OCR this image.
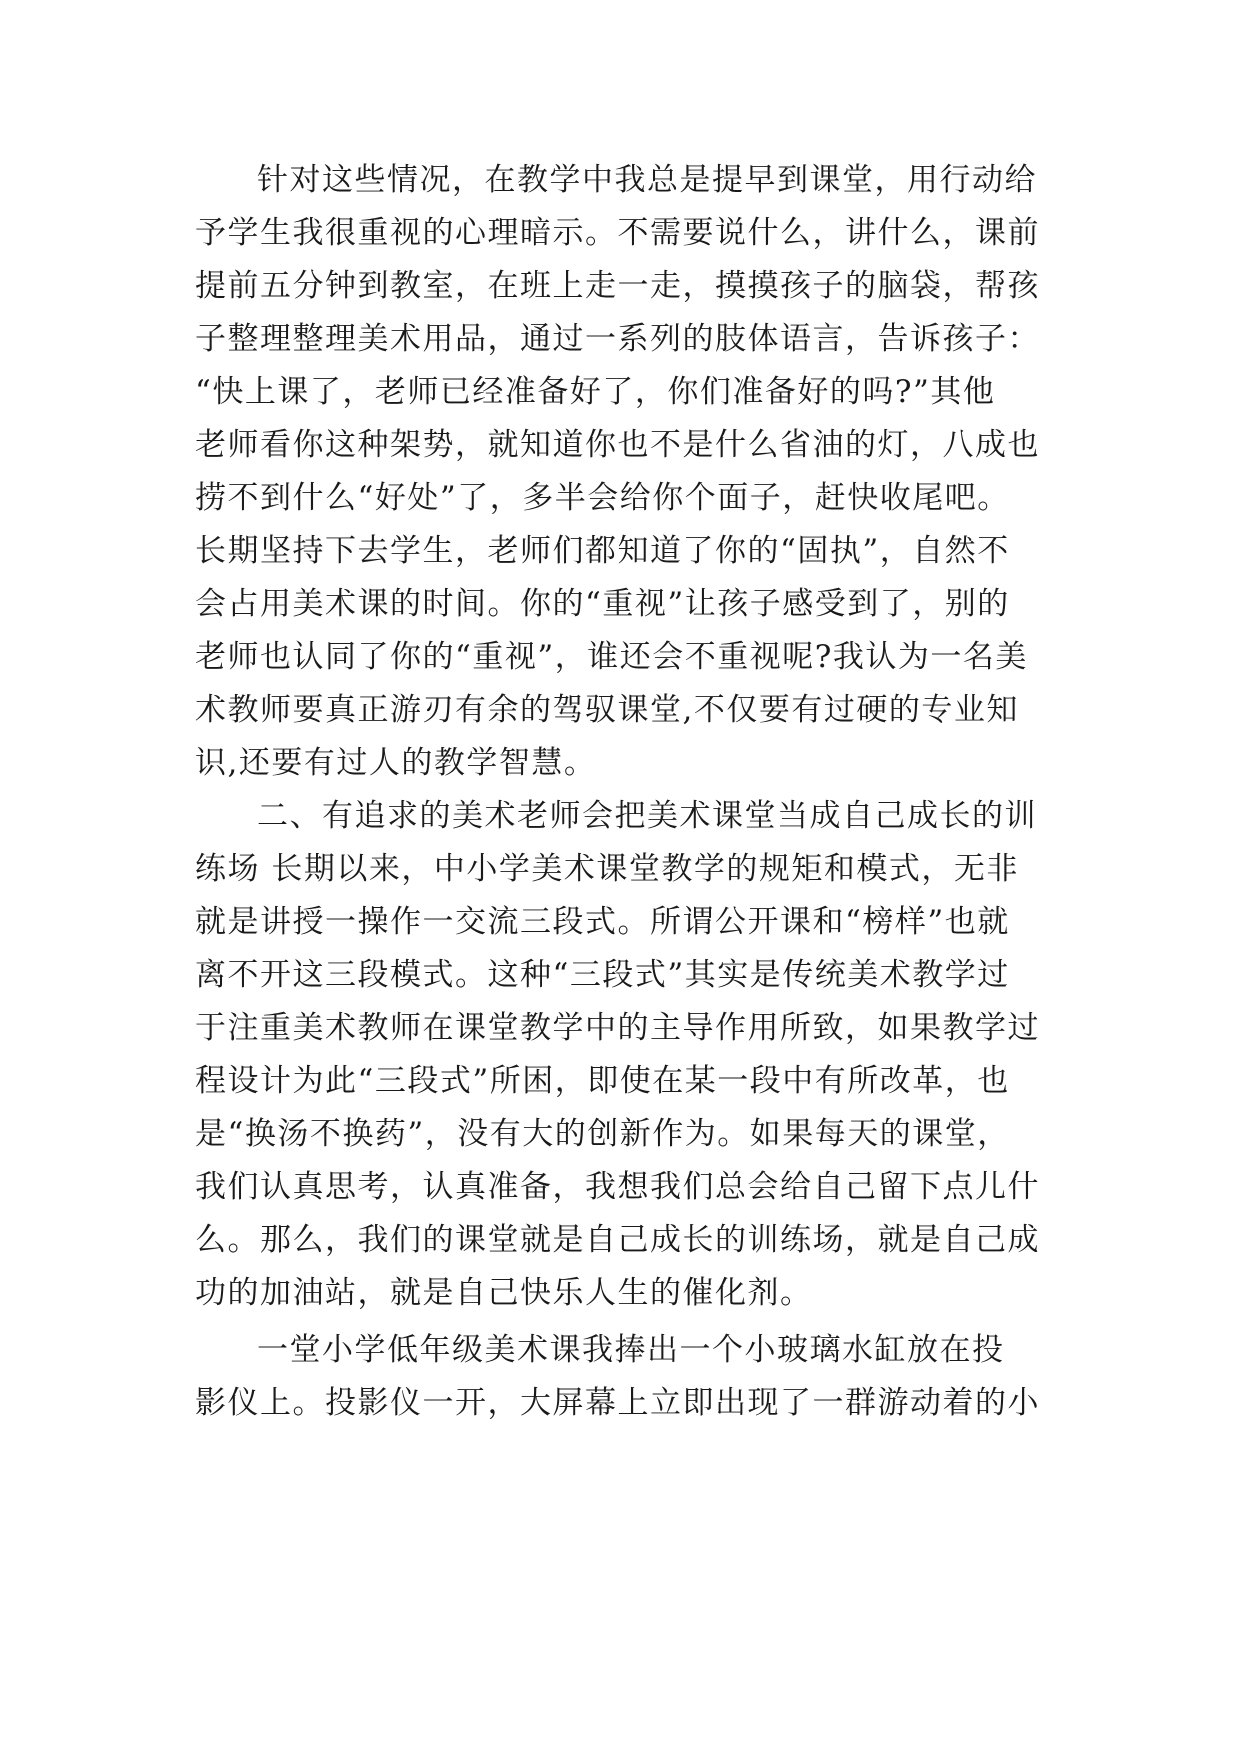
针对这些情况，在教学中我总是提早到课堂，用行动给
予学生我很重视的心理暗示。不需要说什么，讲什么，课前
提前五分钟到教室，在班上走一走，摸摸孩子的脑袋，帮孩
子整理整理美术用品，通过一系列的肢体语言，告诉孩子：
“快上课了，老师已经准备好了，你们准备好的吗?”其他
老师看你这种架势，就知道你也不是什么省油的灯，八成也
捞不到什么“好处”了，多半会给你个面子，赶快收尾吧。
长期坚持下去学生，老师们都知道了你的“固执”，自然不
会占用美术课的时间。你的“重视”让孩子感受到了，别的
老师也认同了你的“重视”，谁还会不重视呢?我认为一名美
术教师要真正游刃有余的驾驭课堂,不仅要有过硬的专业知
识,还要有过人的教学智慧。
二、有追求的美术老师会把美术课堂当成自己成长的训
练场 长期以来，中小学美术课堂教学的规矩和模式，无非
就是讲授一操作一交流三段式。所谓公开课和“榜样”也就
离不开这三段模式。这种“三段式”其实是传统美术教学过
于注重美术教师在课堂教学中的主导作用所致，如果教学过
程设计为此“三段式”所困，即使在某一段中有所改革，也
是“换汤不换药”，没有大的创新作为。如果每天的课堂，
我们认真思考，认真准备，我想我们总会给自己留下点儿什
么。那么，我们的课堂就是自己成长的训练场，就是自己成
功的加油站，就是自己快乐人生的催化剂。
一堂小学低年级美术课我捧出一个小玻璃水缸放在投
影仪上。投影仪一开，大屏幕上立即出现了一群游动着的小
